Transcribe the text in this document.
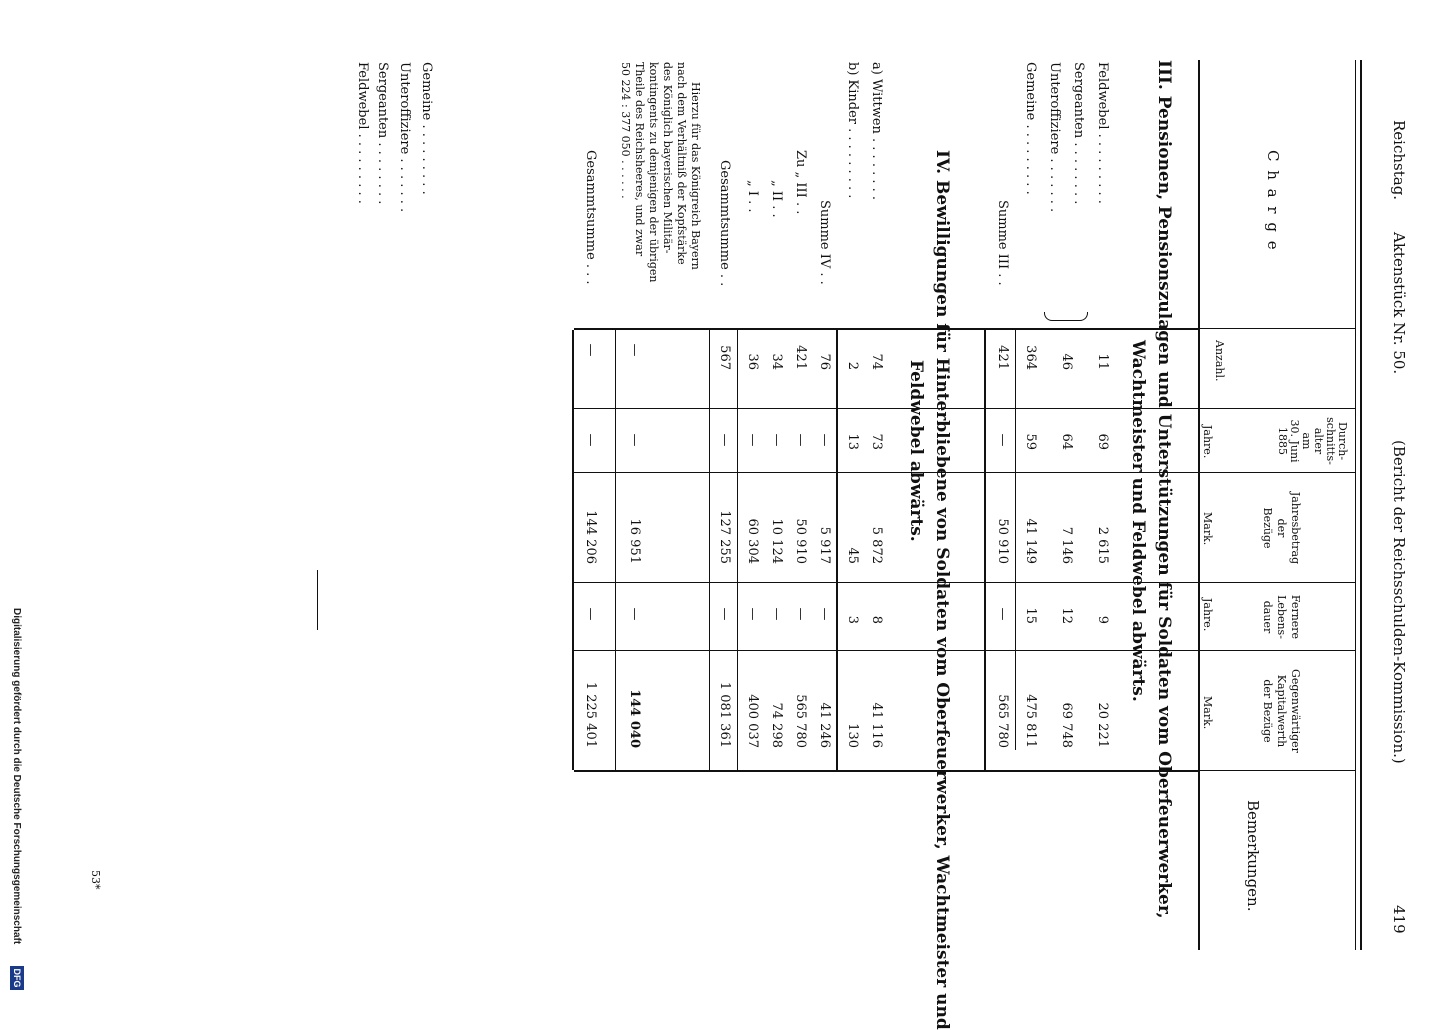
Reichstag.
Aktenstück Nr. 50.
(Bericht der Reichsschulden-Kommission.)
419
C h a r g e
Anzahl.
Durch-
schnitts-
alter
am
30. Juni
1885
Jahre.
Jahresbetrag
der
Bezüge
Mark.
Fernere
Lebens-
dauer
Jahre.
Gegenwärtiger
Kapitalwerth
der Bezüge
Mark.
Bemerkungen.
III. Pensionen, Pensionszulagen und Unterstützungen für Soldaten vom Oberfeuerwerker,
Wachtmeister und Feldwebel abwärts.
Feldwebel . . . . . . . . . Sergeanten . . . . . . . . Unteroffiziere . . . . . . . Gemeine . . . . . . . . .	Feldwebel . . . . . . . . .
11
69
2 615
9
20 221
Sergeanten . . . . . . . .
Unteroffiziere . . . . . . .
46
64
7 146
12
69 748
Gemeine . . . . . . . . .
364
59
41 149
15
475 811
Summe III . .
421
—
50 910
—
565 780
IV. Bewilligungen für Hinterbliebene von Soldaten vom Oberfeuerwerker, Wachtmeister und
Feldwebel abwärts.
a) Wittwen . . . . . . . .
74
73
5 872
8
41 116
b) Kinder . . . . . . . . .
2
13
45
3
130
Summe IV . .
76
—
5 917
—
41 246
Zu „ III . .
421
—
50 910
—
565 780
„ II . .
34
—
10 124
—
74 298
„ I . .
36
—
60 304
—
400 037
Gesammtsumme . .
567
—
127 255
—
1 081 361
Hierzu für das Königreich Bayern
nach dem Verhältniß der Kopfstärke
des Königlich bayerischen Militär-
kontingents zu demjenigen der übrigen
Theile des Reichsheeres, und zwar
50 224 : 377 050 . . . . . .
—
—
16 951
—
144 040
Gesammtsumme . . .
—
—
144 206
—
1 225 401
53*
Digitalisierung gefördert durch die Deutsche Forschungsgemeinschaft
DFG
